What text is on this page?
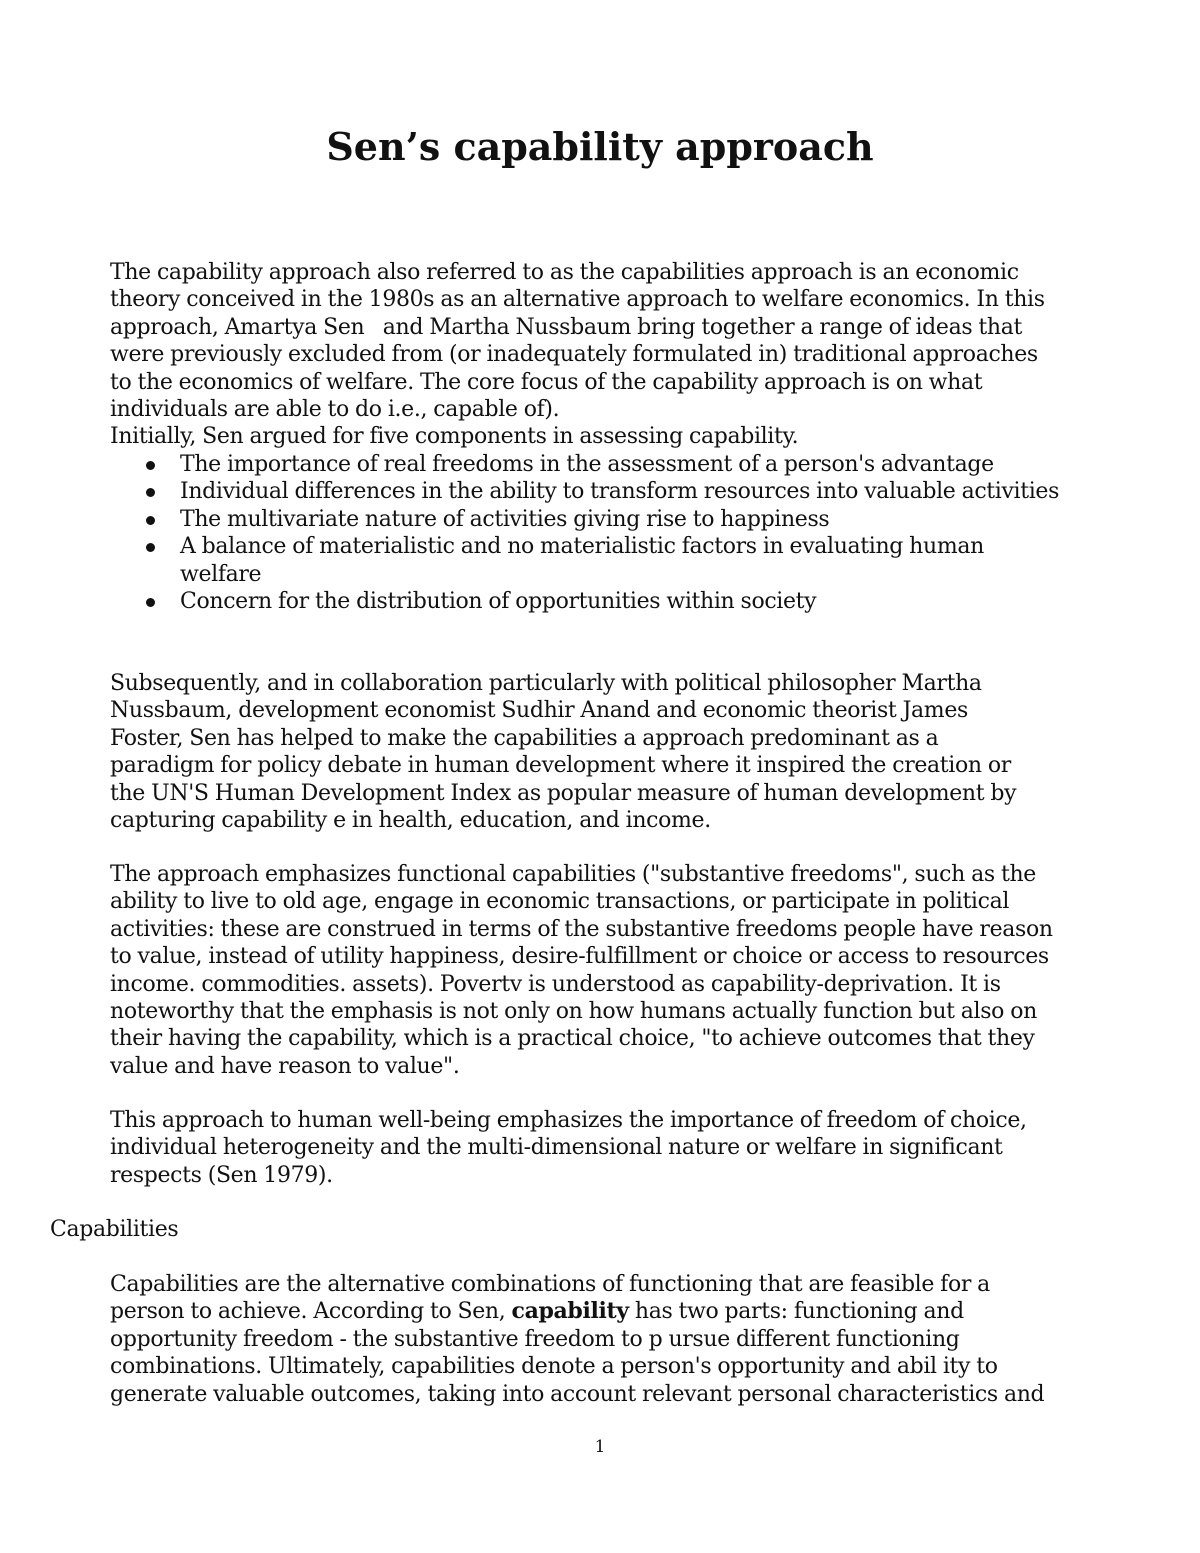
Sen’s capability approach
The capability approach also referred to as the capabilities approach is an economic
theory conceived in the 1980s as an alternative approach to welfare economics. In this
approach, Amartya Sen   and Martha Nussbaum bring together a range of ideas that
were previously excluded from (or inadequately formulated in) traditional approaches
to the economics of welfare. The core focus of the capability approach is on what
individuals are able to do i.e., capable of).
Initially, Sen argued for five components in assessing capability.
The importance of real freedoms in the assessment of a person's advantage
Individual differences in the ability to transform resources into valuable activities
The multivariate nature of activities giving rise to happiness
A balance of materialistic and no materialistic factors in evaluating human
welfare
Concern for the distribution of opportunities within society
Subsequently, and in collaboration particularly with political philosopher Martha
Nussbaum, development economist Sudhir Anand and economic theorist James
Foster, Sen has helped to make the capabilities a approach predominant as a
paradigm for policy debate in human development where it inspired the creation or
the UN'S Human Development Index as popular measure of human development by
capturing capability e in health, education, and income.
The approach emphasizes functional capabilities ("substantive freedoms", such as the
ability to live to old age, engage in economic transactions, or participate in political
activities: these are construed in terms of the substantive freedoms people have reason
to value, instead of utility happiness, desire-fulfillment or choice or access to resources
income. commodities. assets). Povertv is understood as capability-deprivation. It is
noteworthy that the emphasis is not only on how humans actually function but also on
their having the capability, which is a practical choice, "to achieve outcomes that they
value and have reason to value".
This approach to human well-being emphasizes the importance of freedom of choice,
individual heterogeneity and the multi-dimensional nature or welfare in significant
respects (Sen 1979).

Capabilities

Capabilities are the alternative combinations of functioning that are feasible for a
person to achieve. According to Sen, capability has two parts: functioning and
opportunity freedom - the substantive freedom to p ursue different functioning
combinations. Ultimately, capabilities denote a person's opportunity and abil ity to
generate valuable outcomes, taking into account relevant personal characteristics and
1
